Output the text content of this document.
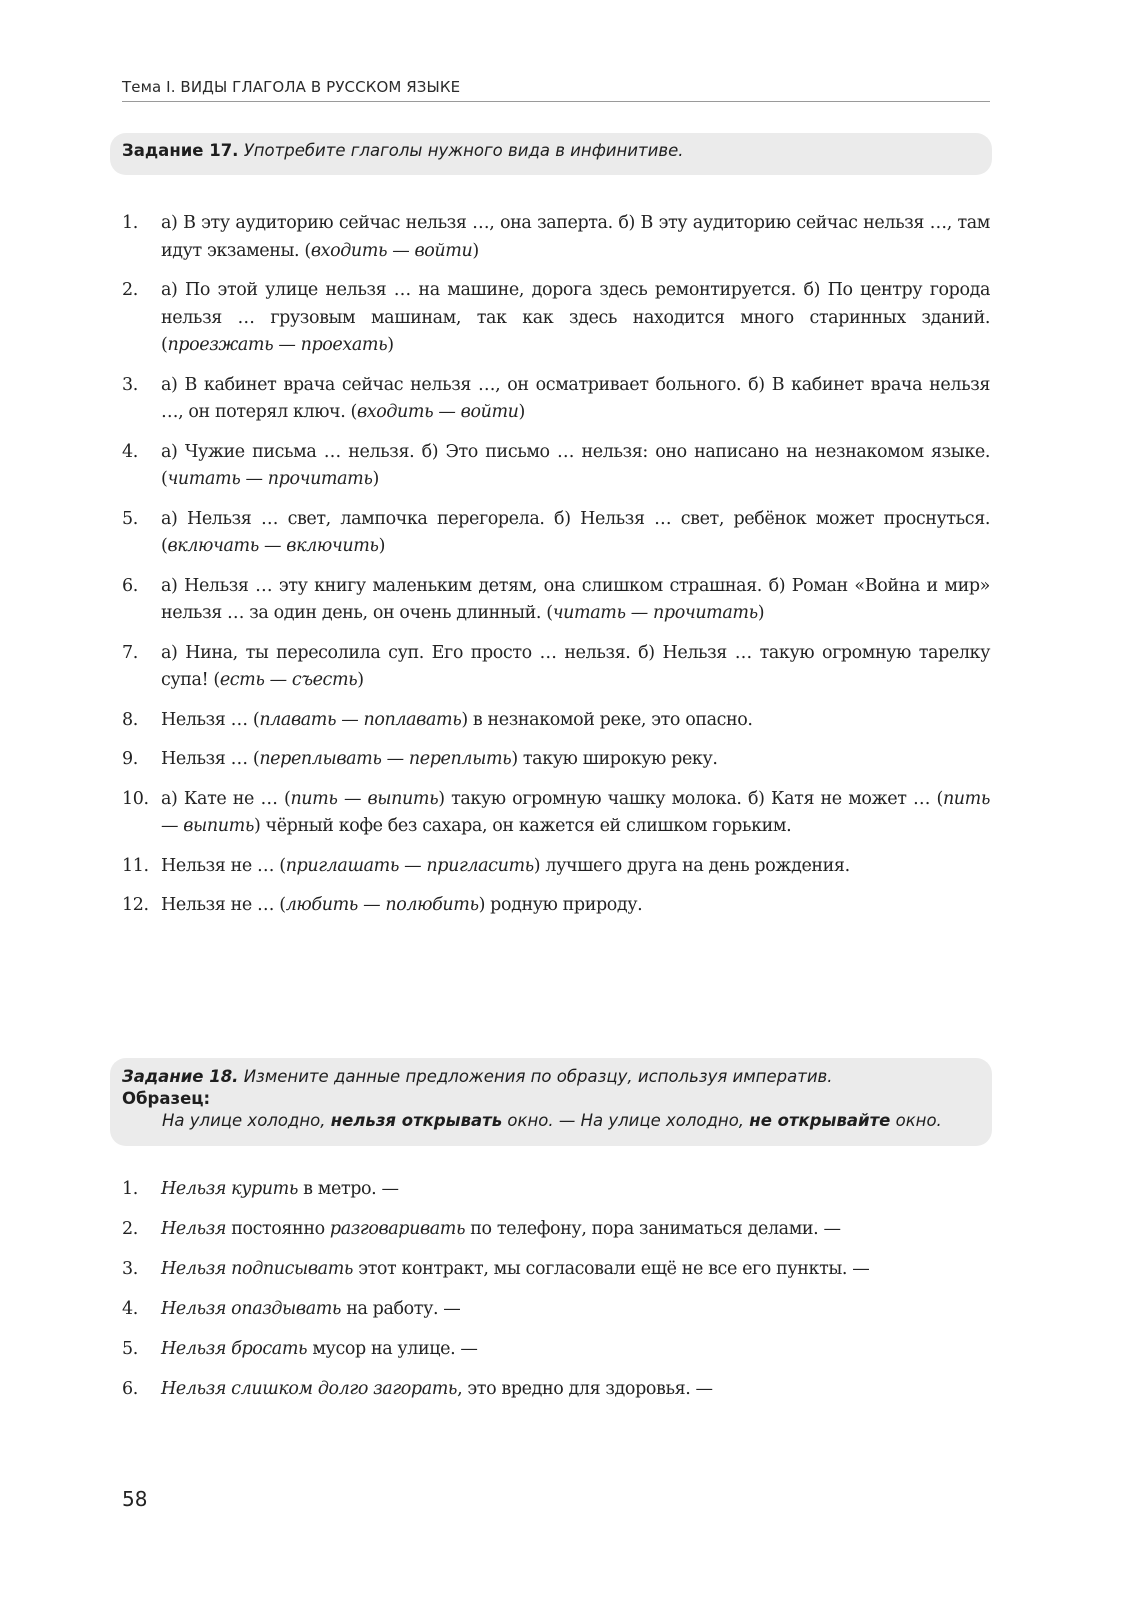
Тема I. ВИДЫ ГЛАГОЛА В РУССКОМ ЯЗЫКЕ
Задание 17. Употребите глаголы нужного вида в инфинитиве.
1. а) В эту аудиторию сейчас нельзя …, она заперта. б) В эту аудиторию сейчас нельзя …, там идут экзамены. (входить — войти)
2. а) По этой улице нельзя … на машине, дорога здесь ремонтируется. б) По центру города нельзя … грузовым машинам, так как здесь находится много старинных зданий. (проезжать — проехать)
3. а) В кабинет врача сейчас нельзя …, он осматривает больного. б) В кабинет врача нельзя …, он потерял ключ. (входить — войти)
4. а) Чужие письма … нельзя. б) Это письмо … нельзя: оно написано на незнакомом языке. (читать — прочитать)
5. а) Нельзя … свет, лампочка перегорела. б) Нельзя … свет, ребёнок может проснуться. (включать — включить)
6. а) Нельзя … эту книгу маленьким детям, она слишком страшная. б) Роман «Война и мир» нельзя … за один день, он очень длинный. (читать — прочитать)
7. а) Нина, ты пересолила суп. Его просто … нельзя. б) Нельзя … такую огромную тарелку супа! (есть — съесть)
8. Нельзя … (плавать — поплавать) в незнакомой реке, это опасно.
9. Нельзя … (переплывать — переплыть) такую широкую реку.
10. а) Кате не … (пить — выпить) такую огромную чашку молока. б) Катя не может … (пить — выпить) чёрный кофе без сахара, он кажется ей слишком горьким.
11. Нельзя не … (приглашать — пригласить) лучшего друга на день рождения.
12. Нельзя не … (любить — полюбить) родную природу.
Задание 18. Измените данные предложения по образцу, используя императив.
Образец:
На улице холодно, нельзя открывать окно. — На улице холодно, не открывайте окно.
1. Нельзя курить в метро. —
2. Нельзя постоянно разговаривать по телефону, пора заниматься делами. —
3. Нельзя подписывать этот контракт, мы согласовали ещё не все его пункты. —
4. Нельзя опаздывать на работу. —
5. Нельзя бросать мусор на улице. —
6. Нельзя слишком долго загорать, это вредно для здоровья. —
58
